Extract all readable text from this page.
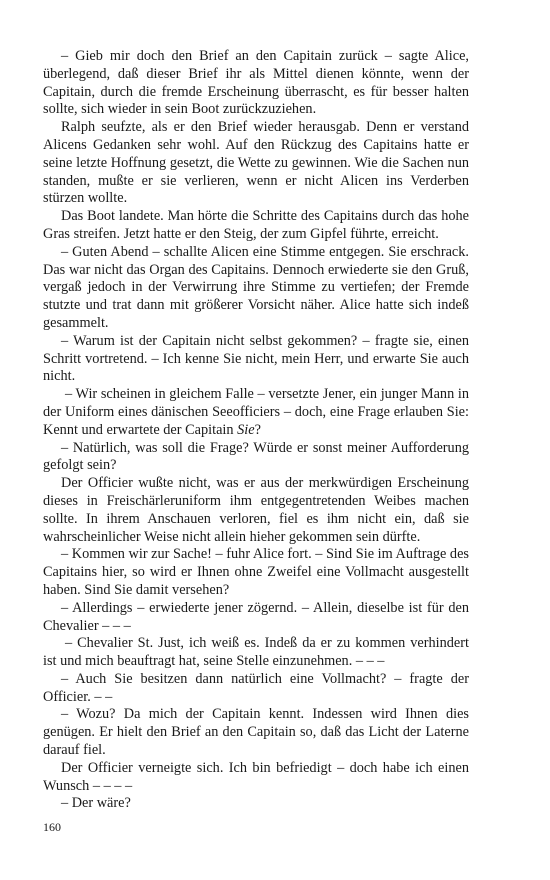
– Gieb mir doch den Brief an den Capitain zurück – sagte Alice, überlegend, daß dieser Brief ihr als Mittel dienen könnte, wenn der Capitain, durch die fremde Erscheinung überrascht, es für besser halten sollte, sich wieder in sein Boot zurückzuziehen.

Ralph seufzte, als er den Brief wieder herausgab. Denn er verstand Alicens Gedanken sehr wohl. Auf den Rückzug des Capitains hatte er seine letzte Hoffnung gesetzt, die Wette zu gewinnen. Wie die Sachen nun standen, mußte er sie verlieren, wenn er nicht Alicen ins Verderben stürzen wollte.

Das Boot landete. Man hörte die Schritte des Capitains durch das hohe Gras streifen. Jetzt hatte er den Steig, der zum Gipfel führte, erreicht.

– Guten Abend – schallte Alicen eine Stimme entgegen. Sie erschrack. Das war nicht das Organ des Capitains. Dennoch erwiederte sie den Gruß, vergaß jedoch in der Verwirrung ihre Stimme zu vertiefen; der Fremde stutzte und trat dann mit größerer Vorsicht näher. Alice hatte sich indeß gesammelt.

– Warum ist der Capitain nicht selbst gekommen? – fragte sie, einen Schritt vortretend. – Ich kenne Sie nicht, mein Herr, und erwarte Sie auch nicht.

– Wir scheinen in gleichem Falle – versetzte Jener, ein junger Mann in der Uniform eines dänischen Seeofficiers – doch, eine Frage erlauben Sie: Kennt und erwartete der Capitain Sie?

– Natürlich, was soll die Frage? Würde er sonst meiner Aufforderung gefolgt sein?

Der Officier wußte nicht, was er aus der merkwürdigen Erscheinung dieses in Freischärleruniform ihm entgegentretenden Weibes machen sollte. In ihrem Anschauen verloren, fiel es ihm nicht ein, daß sie wahrscheinlicher Weise nicht allein hieher gekommen sein dürfte.

– Kommen wir zur Sache! – fuhr Alice fort. – Sind Sie im Auftrage des Capitains hier, so wird er Ihnen ohne Zweifel eine Vollmacht ausgestellt haben. Sind Sie damit versehen?

– Allerdings – erwiederte jener zögernd. – Allein, dieselbe ist für den Chevalier – – –

– Chevalier St. Just, ich weiß es. Indeß da er zu kommen verhindert ist und mich beauftragt hat, seine Stelle einzunehmen. – – –

– Auch Sie besitzen dann natürlich eine Vollmacht? – fragte der Officier. – –

– Wozu? Da mich der Capitain kennt. Indessen wird Ihnen dies genügen. Er hielt den Brief an den Capitain so, daß das Licht der Laterne darauf fiel.

Der Officier verneigte sich. Ich bin befriedigt – doch habe ich einen Wunsch – – – –

– Der wäre?

160
